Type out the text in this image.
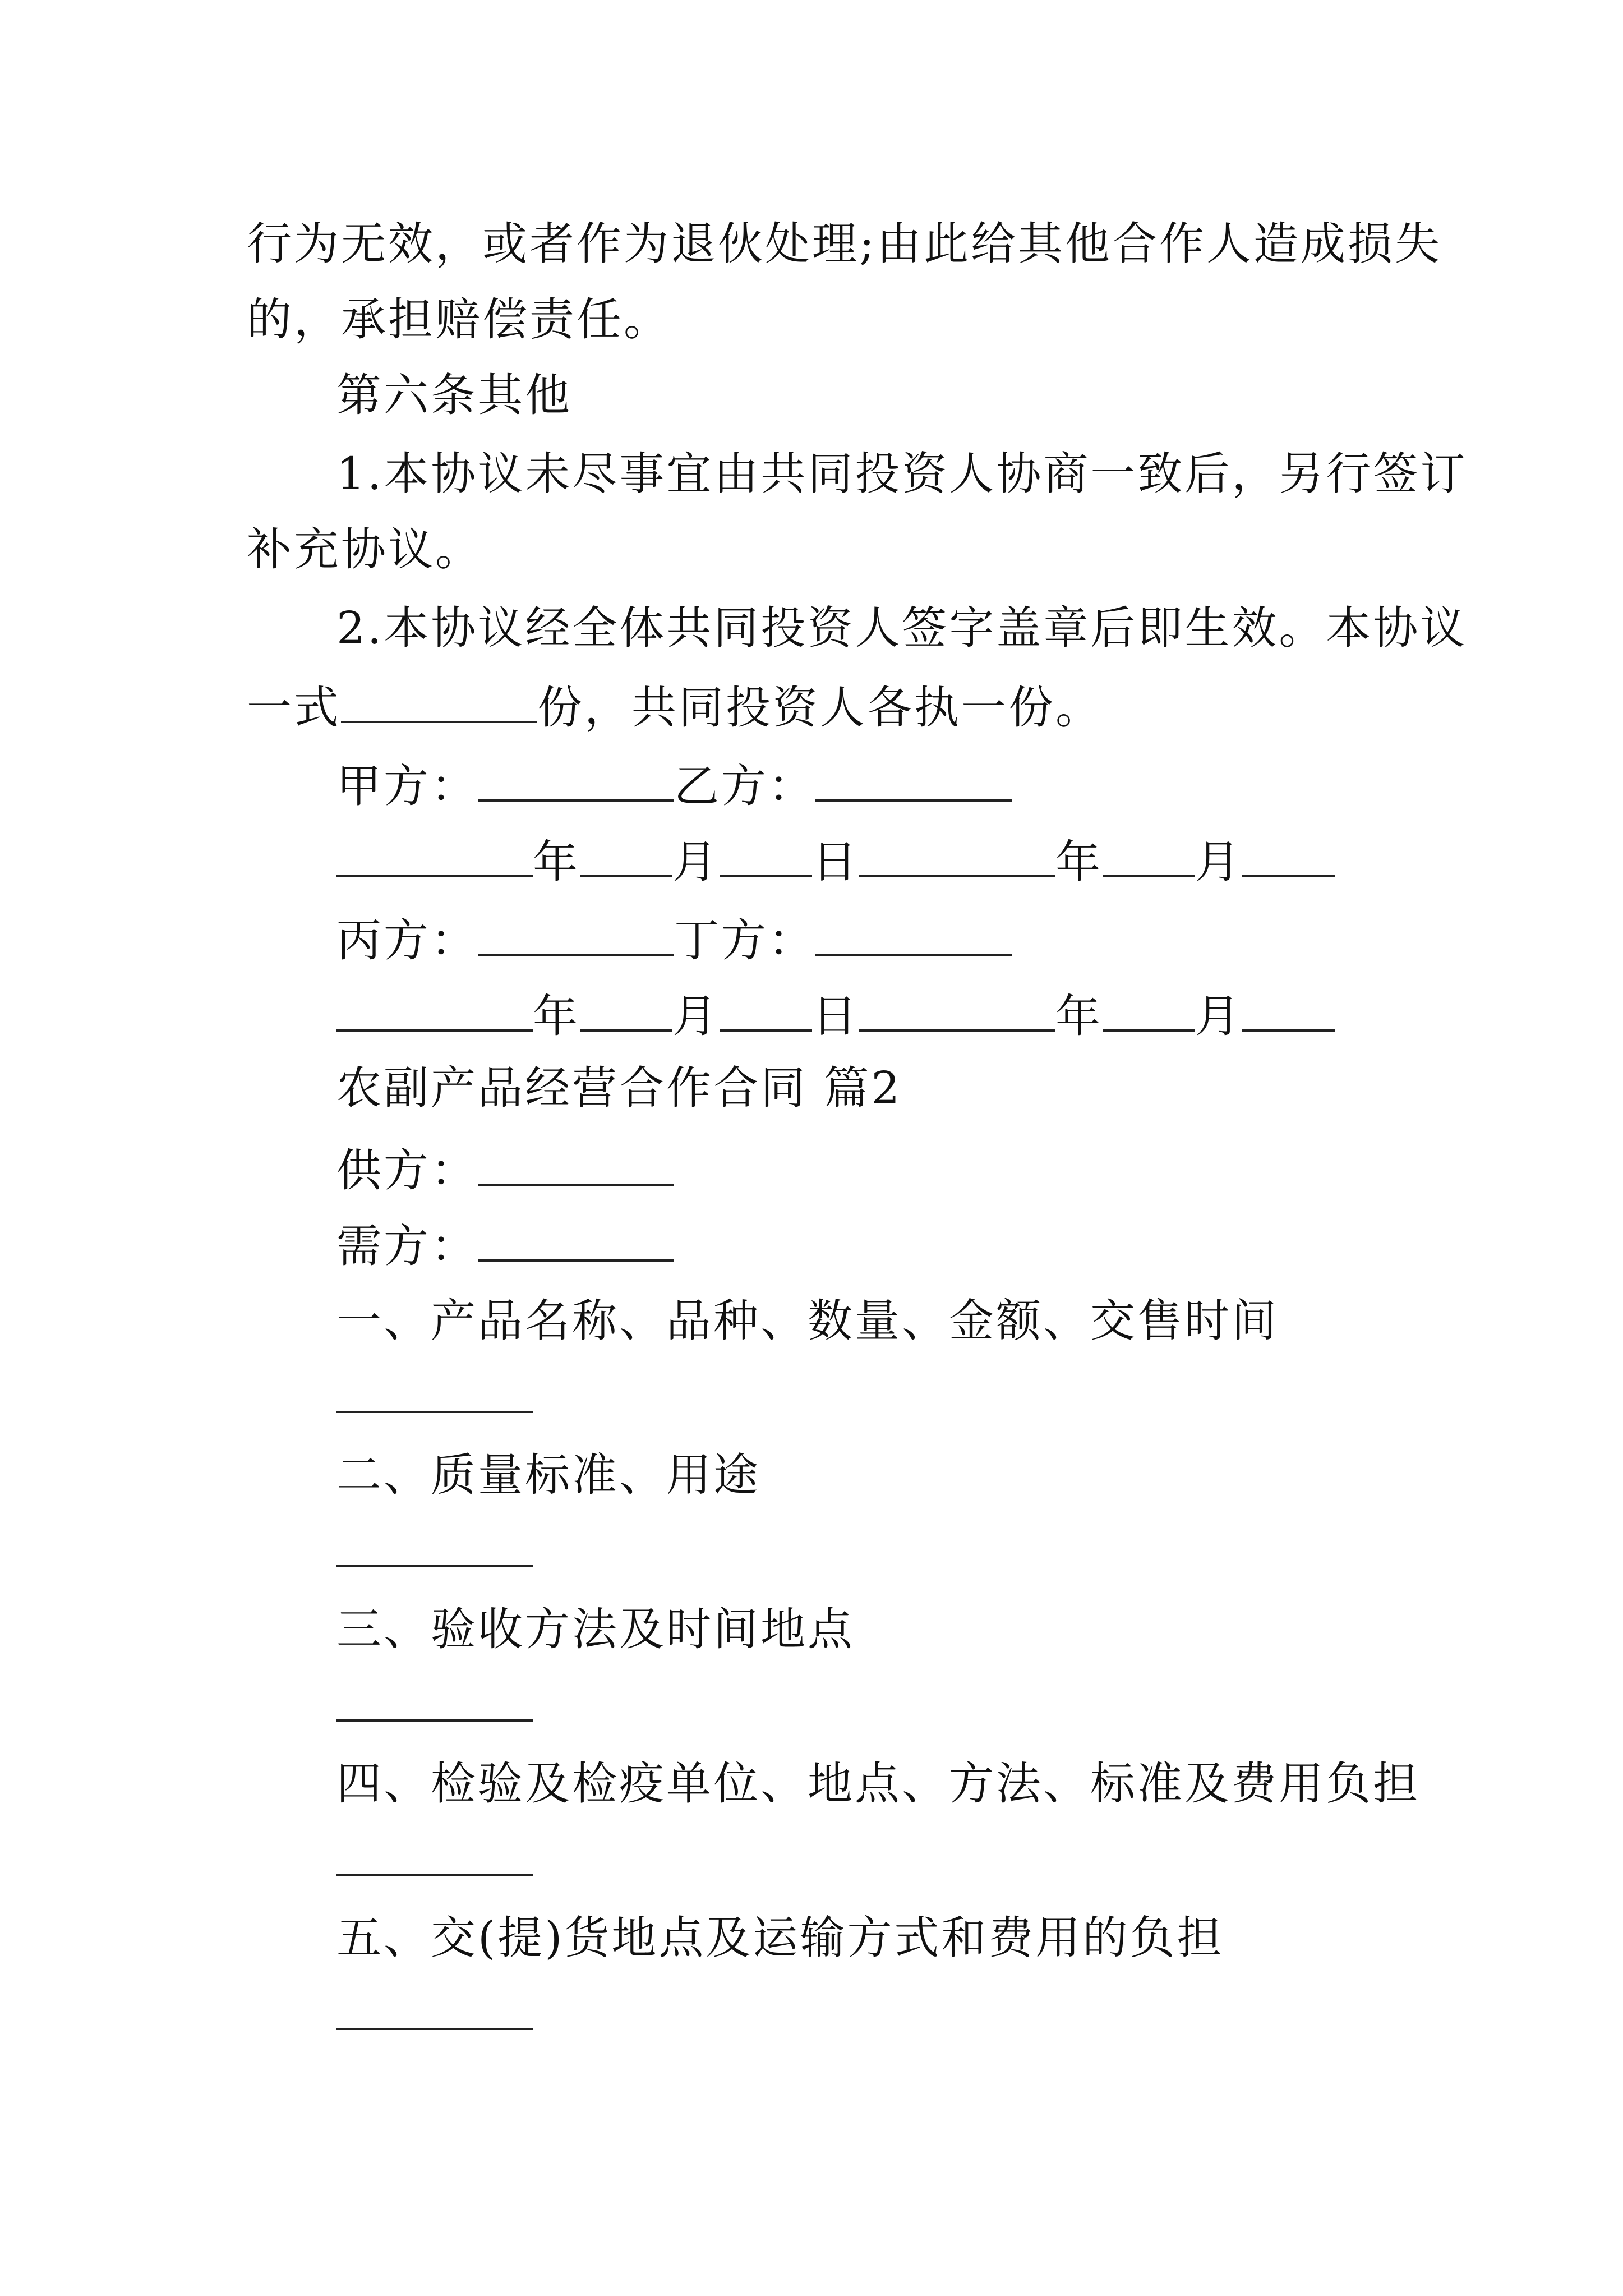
行为无效，或者作为退伙处理;由此给其他合作人造成损失
的，承担赔偿责任。
第六条其他
1.本协议未尽事宜由共同投资人协商一致后，另行签订
补充协议。
2.本协议经全体共同投资人签字盖章后即生效。本协议
一式	份，共同投资人各执一份。
甲方：	乙方：
年 月 日	年 月
丙方：	丁方：
年 月 日	年 月
农副产品经营合作合同 篇2
供方：
需方：
一、产品名称、品种、数量、金额、交售时间
二、质量标准、用途
三、验收方法及时间地点
四、检验及检疫单位、地点、方法、标准及费用负担
五、交(提)货地点及运输方式和费用的负担
